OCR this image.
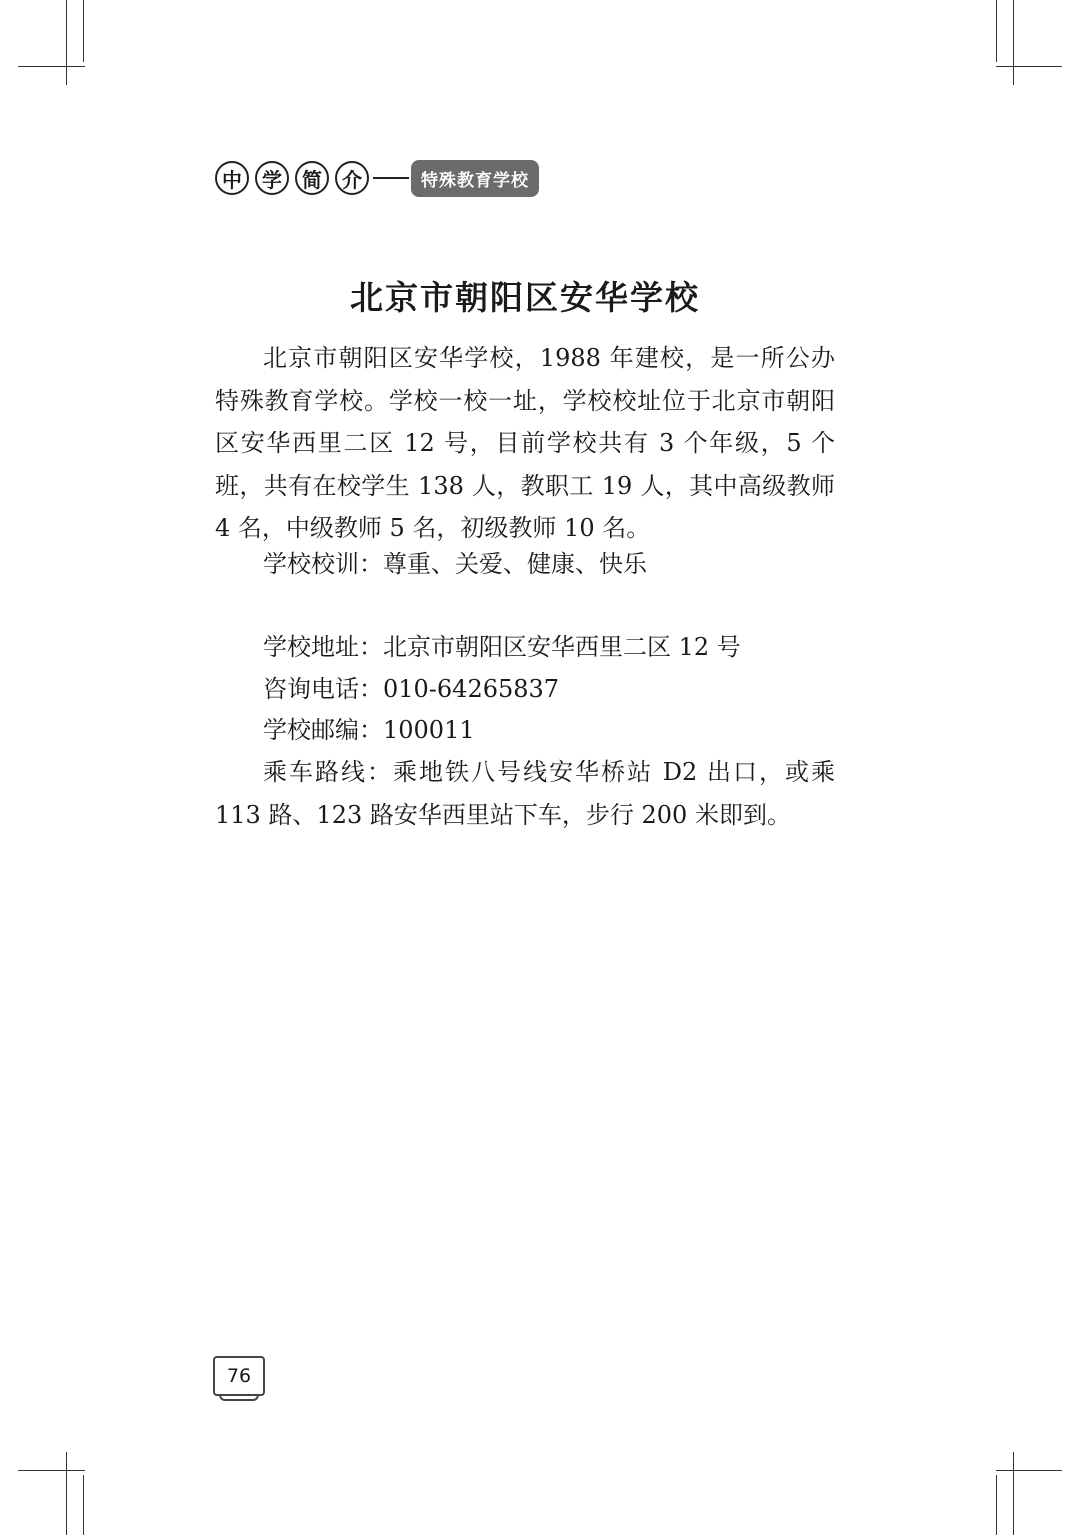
中	学	简	介	特殊教育学校
北京市朝阳区安华学校

北京市朝阳区安华学校，1988 年建校，是一所公办特殊教育学校。学校一校一址，学校校址位于北京市朝阳区安华西里二区 12 号，目前学校共有 3 个年级，5 个班，共有在校学生 138 人，教职工 19 人，其中高级教师 4 名，中级教师 5 名，初级教师 10 名。

学校校训：尊重、关爱、健康、快乐

学校地址：北京市朝阳区安华西里二区 12 号

咨询电话：010-64265837

学校邮编：100011

乘车路线：乘地铁八号线安华桥站 D2 出口，或乘 113 路、123 路安华西里站下车，步行 200 米即到。

76
